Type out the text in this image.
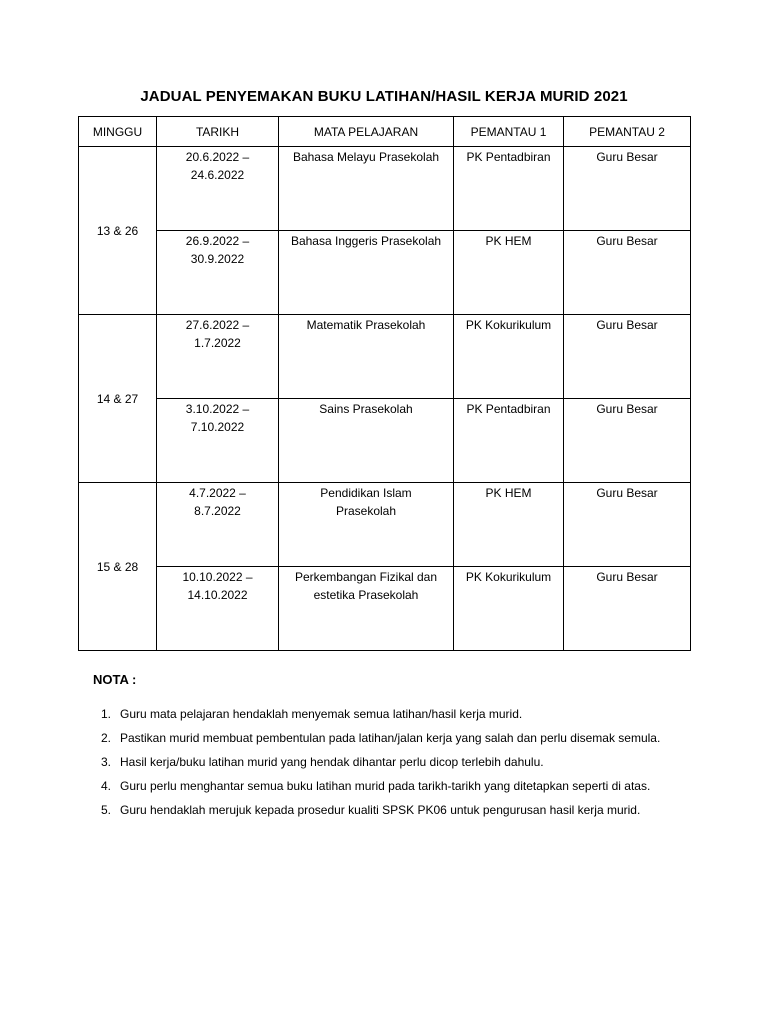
JADUAL PENYEMAKAN BUKU LATIHAN/HASIL KERJA MURID 2021
MINGGU	TARIKH	MATA PELAJARAN	PEMANTAU 1	PEMANTAU 2
13 & 26	20.6.2022 –
24.6.2022	Bahasa Melayu Prasekolah	PK Pentadbiran	Guru Besar
	26.9.2022 –
30.9.2022	Bahasa Inggeris Prasekolah	PK HEM	Guru Besar
14 & 27	27.6.2022 –
1.7.2022	Matematik Prasekolah	PK Kokurikulum	Guru Besar
	3.10.2022 –
7.10.2022	Sains Prasekolah	PK Pentadbiran	Guru Besar
15 & 28	4.7.2022 –
8.7.2022	Pendidikan Islam
Prasekolah	PK HEM	Guru Besar
	10.10.2022 –
14.10.2022	Perkembangan Fizikal dan
estetika Prasekolah	PK Kokurikulum	Guru Besar
NOTA :
1. Guru mata pelajaran hendaklah menyemak semua latihan/hasil kerja murid.
2. Pastikan murid membuat pembentulan pada latihan/jalan kerja yang salah dan perlu disemak semula.
3. Hasil kerja/buku latihan murid yang hendak dihantar perlu dicop terlebih dahulu.
4. Guru perlu menghantar semua buku latihan murid pada tarikh-tarikh yang ditetapkan seperti di atas.
5. Guru hendaklah merujuk kepada prosedur kualiti SPSK PK06 untuk pengurusan hasil kerja murid.
